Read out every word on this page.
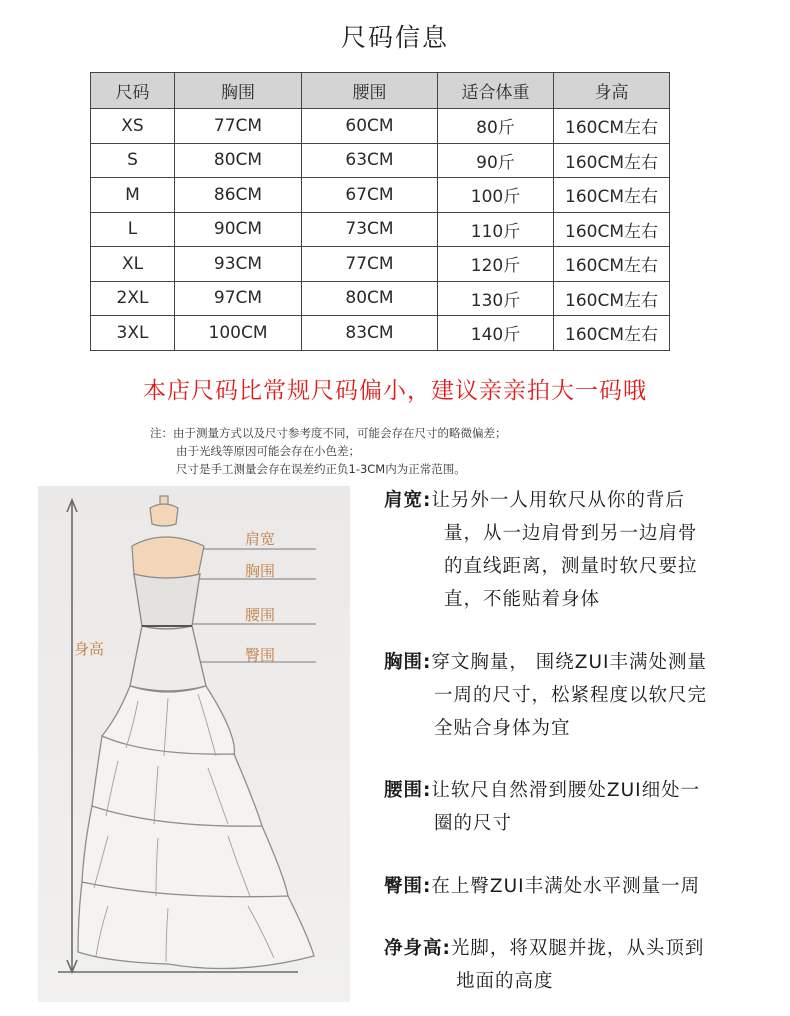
尺码信息
尺码	胸围	腰围	适合体重	身高
XS	77CM	60CM	80斤	160CM左右
S	80CM	63CM	90斤	160CM左右
M	86CM	67CM	100斤	160CM左右
L	90CM	73CM	110斤	160CM左右
XL	93CM	77CM	120斤	160CM左右
2XL	97CM	80CM	130斤	160CM左右
3XL	100CM	83CM	140斤	160CM左右
本店尺码比常规尺码偏小，建议亲亲拍大一码哦
注：由于测量方式以及尺寸参考度不同，可能会存在尺寸的略微偏差；
由于光线等原因可能会存在小色差；
尺寸是手工测量会存在误差约正负1-3CM内为正常范围。
肩宽
胸围
腰围
臀围
身高
肩宽:让另外一人用软尺从你的背后
量，从一边肩骨到另一边肩骨
的直线距离，测量时软尺要拉
直，不能贴着身体
胸围:穿文胸量， 围绕ZUI丰满处测量
一周的尺寸，松紧程度以软尺完
全贴合身体为宜
腰围:让软尺自然滑到腰处ZUI细处一
圈的尺寸
臀围:在上臀ZUI丰满处水平测量一周
净身高:光脚，将双腿并拢，从头顶到
地面的高度
